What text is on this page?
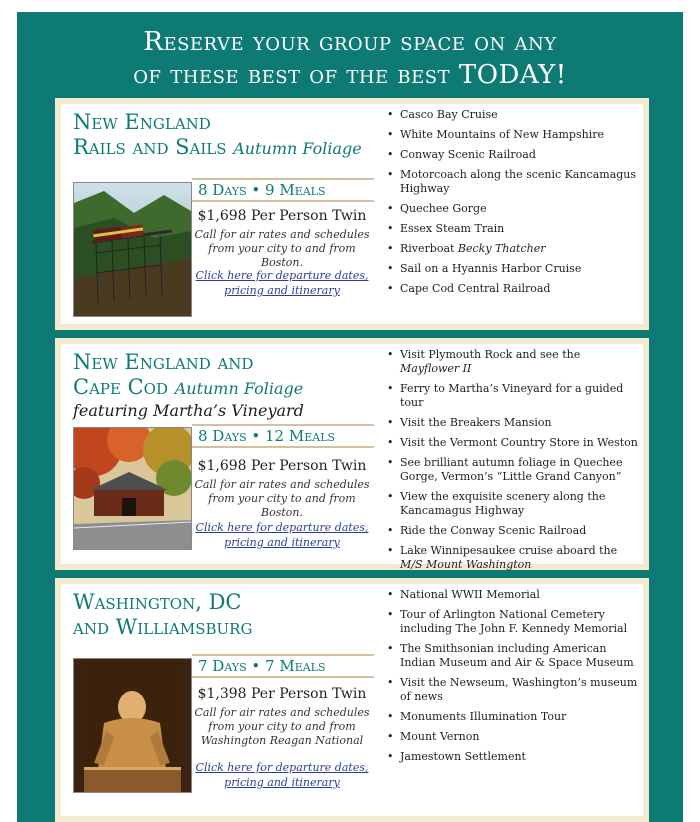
Reserve your group space on any
of these best of the best TODAY!
New England
Rails and Sails Autumn Foliage
8 Days • 9 Meals
$1,698 Per Person Twin
Call for air rates and schedules from your city to and from Boston.
Click here for departure dates,
pricing and itinerary
• Casco Bay Cruise
• White Mountains of New Hampshire
• Conway Scenic Railroad
• Motorcoach along the scenic Kancamagus Highway
• Quechee Gorge
• Essex Steam Train
• Riverboat Becky Thatcher
• Sail on a Hyannis Harbor Cruise
• Cape Cod Central Railroad
New England and
Cape Cod Autumn Foliage
featuring Martha’s Vineyard
8 Days • 12 Meals
$1,698 Per Person Twin
Call for air rates and schedules from your city to and from Boston.
Click here for departure dates,
pricing and itinerary
• Visit Plymouth Rock and see the Mayflower II
• Ferry to Martha’s Vineyard for a guided tour
• Visit the Breakers Mansion
• Visit the Vermont Country Store in Weston
• See brilliant autumn foliage in Quechee Gorge, Vermon’s “Little Grand Canyon”
• View the exquisite scenery along the Kancamagus Highway
• Ride the Conway Scenic Railroad
• Lake Winnipesaukee cruise aboard the
M/S Mount Washington
Washington, DC
and Williamsburg
7 Days • 7 Meals
$1,398 Per Person Twin
Call for air rates and schedules from your city to and from Washington Reagan National
Click here for departure dates,
pricing and itinerary
• National WWII Memorial
• Tour of Arlington National Cemetery including The John F. Kennedy Memorial
• The Smithsonian including American Indian Museum and Air & Space Museum
• Visit the Newseum, Washington’s museum of news
• Monuments Illumination Tour
• Mount Vernon
• Jamestown Settlement
